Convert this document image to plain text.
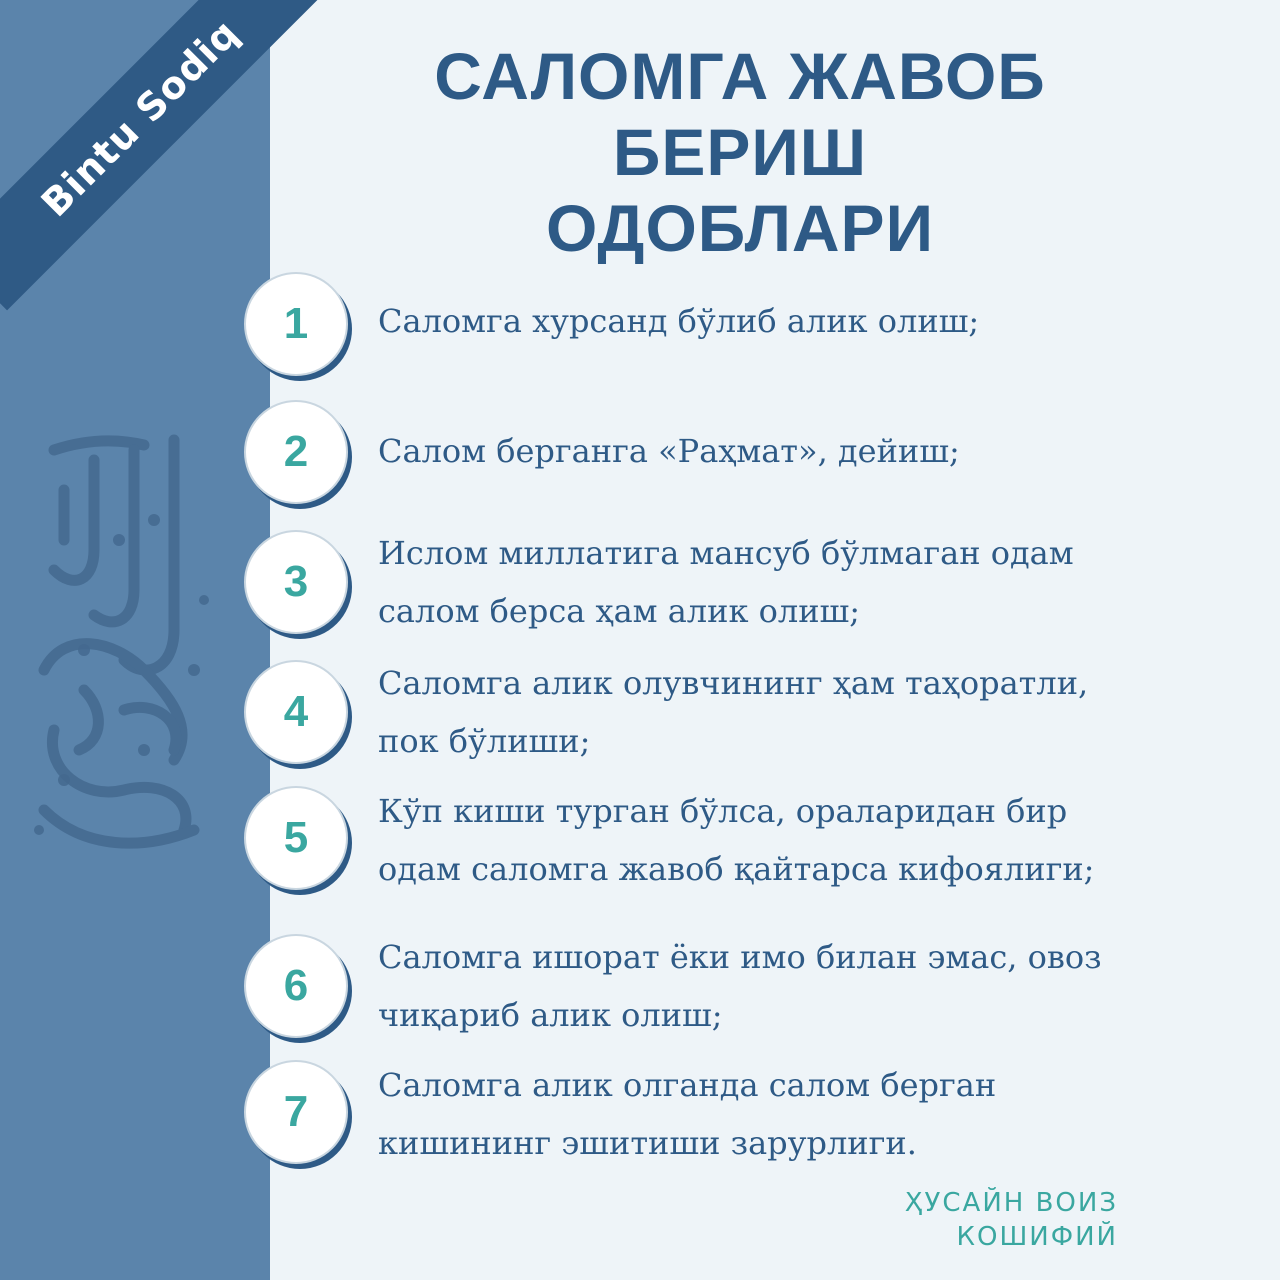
Bintu Sodiq	САЛОМГА ЖАВОБ БЕРИШ
ОДОБЛАРИ
1	Саломга хурсанд бўлиб алик олиш;
2	Салом берганга «Раҳмат», дейиш;
3
Ислом миллатига мансуб бўлмаган одам
салом берса ҳам алик олиш;
4
Саломга алик олувчининг ҳам таҳоратли,
пок бўлиши;
5
Кўп киши турган бўлса, ораларидан бир
одам саломга жавоб қайтарса кифоялиги;
6
Саломга ишорат ёки имо билан эмас, овоз
чиқариб алик олиш;
7
Саломга алик олганда салом берган
кишининг эшитиши зарурлиги.
ҲУСАЙН ВОИЗ
КОШИФИЙ
